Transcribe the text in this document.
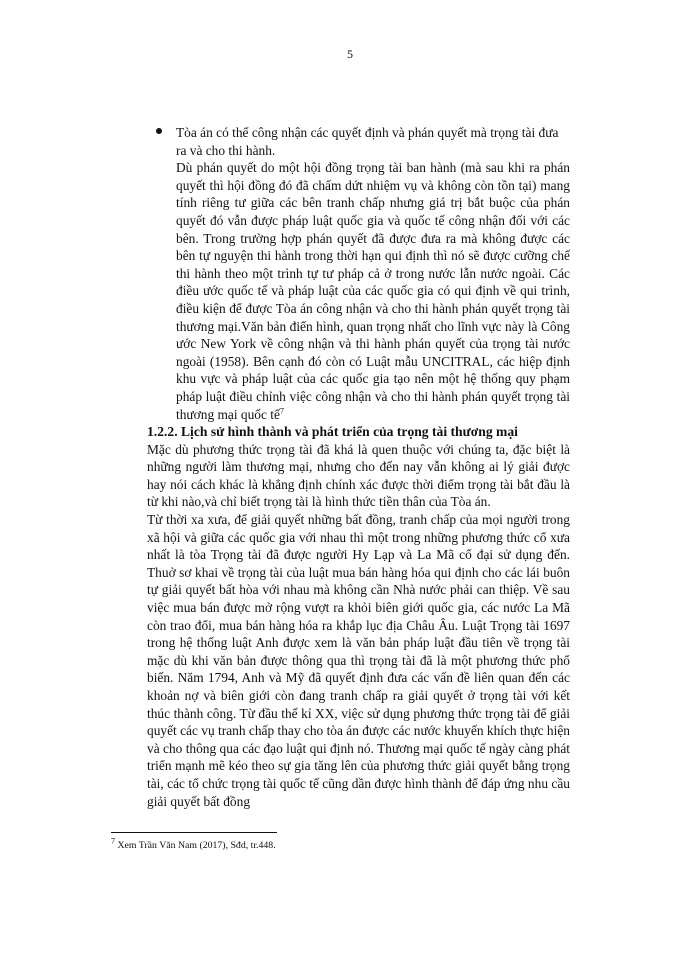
5

Tòa án có thể công nhận các quyết định và phán quyết mà trọng tài đưa ra và cho thi hành.

Dù phán quyết do một hội đồng trọng tài ban hành (mà sau khi ra phán quyết thì hội đồng đó đã chấm dứt nhiệm vụ và không còn tồn tại) mang tính riêng tư giữa các bên tranh chấp nhưng giá trị bắt buộc của phán quyết đó vẫn được pháp luật quốc gia và quốc tế công nhận đối với các bên. Trong trường hợp phán quyết đã được đưa ra mà không được các bên tự nguyện thi hành trong thời hạn qui định thì nó sẽ được cưỡng chế thi hành theo một trình tự tư pháp cả ở trong nước lẫn nước ngoài. Các điều ước quốc tế và pháp luật của các quốc gia có qui định về qui trình, điều kiện để được Tòa án công nhận và cho thi hành phán quyết trọng tài thương mại.Văn bản điển hình, quan trọng nhất cho lĩnh vực này là Công ước New York về công nhận và thi hành phán quyết của trọng tài nước ngoài (1958). Bên cạnh đó còn có Luật mẫu UNCITRAL, các hiệp định khu vực và pháp luật của các quốc gia tạo nên một hệ thống quy phạm pháp luật điều chỉnh việc công nhận và cho thi hành phán quyết trọng tài thương mại quốc tế$^7$

1.2.2. Lịch sử hình thành và phát triển của trọng tài thương mại

Mặc dù phương thức trọng tài đã khá là quen thuộc với chúng ta, đặc biệt là những người làm thương mại, nhưng cho đến nay vẫn không ai lý giải được hay nói cách khác là khẳng định chính xác được thời điểm trọng tài bắt đầu là từ khi nào,và chỉ biết trọng tài là hình thức tiền thân của Tòa án.

Từ thời xa xưa, để giải quyết những bất đồng, tranh chấp của mọi người trong xã hội và giữa các quốc gia với nhau thì một trong những phương thức cổ xưa nhất là tòa Trọng tài đã được người Hy Lạp và La Mã cổ đại sử dụng đến. Thuở sơ khai về trọng tài của luật mua bán hàng hóa qui định cho các lái buôn tự giải quyết bất hòa với nhau mà không cần Nhà nước phải can thiệp. Về sau việc mua bán được mở rộng vượt ra khỏi biên giới quốc gia, các nước La Mã còn trao đổi, mua bán hàng hóa ra khắp lục địa Châu Âu. Luật Trọng tài 1697 trong hệ thống luật Anh được xem là văn bản pháp luật đầu tiên về trọng tài mặc dù khi văn bản được thông qua thì trọng tài đã là một phương thức phổ biến. Năm 1794, Anh và Mỹ đã quyết định đưa các vấn đề liên quan đến các khoản nợ và biên giới còn đang tranh chấp ra giải quyết ở trọng tài với kết thúc thành công. Từ đầu thế kỉ XX, việc sử dụng phương thức trọng tài để giải quyết các vụ tranh chấp thay cho tòa án được các nước khuyến khích thực hiện và cho thông qua các đạo luật qui định nó. Thương mại quốc tế ngày càng phát triển mạnh mẽ kéo theo sự gia tăng lên của phương thức giải quyết bằng trọng tài, các tổ chức trọng tài quốc tế cũng dần được hình thành để đáp ứng nhu cầu giải quyết bất đồng

$^7$ Xem Trần Văn Nam (2017), Sđd, tr.448.
